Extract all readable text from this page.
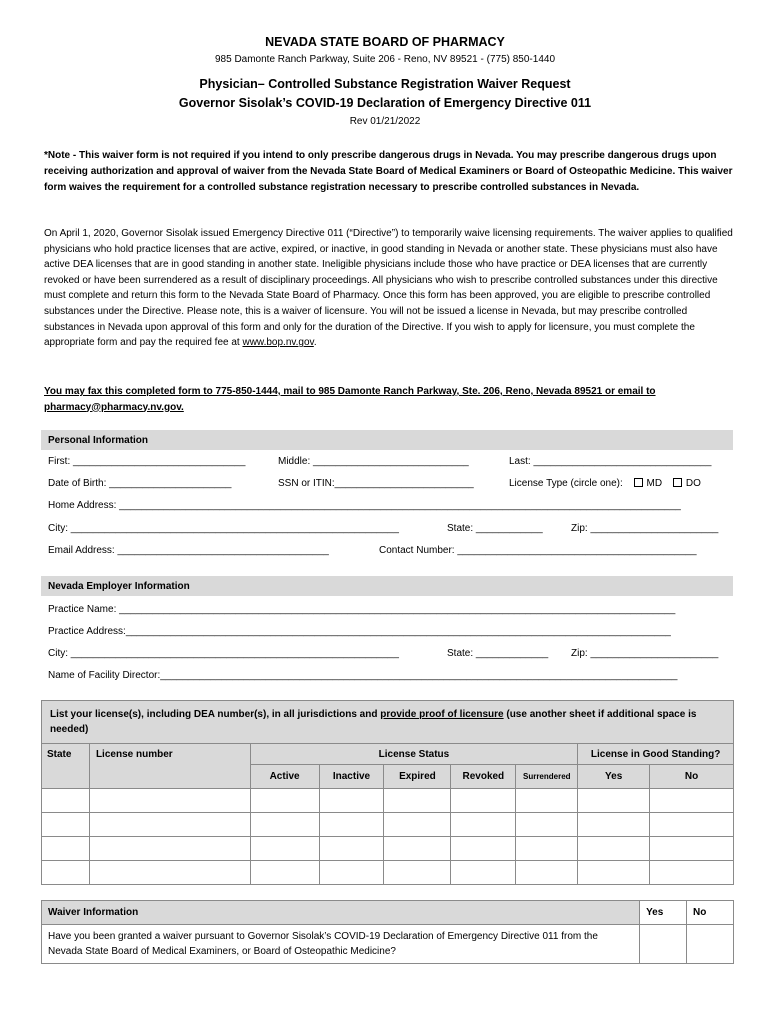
NEVADA STATE BOARD OF PHARMACY
985 Damonte Ranch Parkway, Suite 206 - Reno, NV 89521 - (775) 850-1440
Physician– Controlled Substance Registration Waiver Request
Governor Sisolak’s COVID-19 Declaration of Emergency Directive 011
Rev 01/21/2022
*Note - This waiver form is not required if you intend to only prescribe dangerous drugs in Nevada. You may prescribe dangerous drugs upon receiving authorization and approval of waiver from the Nevada State Board of Medical Examiners or Board of Osteopathic Medicine. This waiver form waives the requirement for a controlled substance registration necessary to prescribe controlled substances in Nevada.
On April 1, 2020, Governor Sisolak issued Emergency Directive 011 (“Directive”) to temporarily waive licensing requirements. The waiver applies to qualified physicians who hold practice licenses that are active, expired, or inactive, in good standing in Nevada or another state. These physicians must also have active DEA licenses that are in good standing in another state. Ineligible physicians include those who have practice or DEA licenses that are currently revoked or have been surrendered as a result of disciplinary proceedings. All physicians who wish to prescribe controlled substances under this directive must complete and return this form to the Nevada State Board of Pharmacy. Once this form has been approved, you are eligible to prescribe controlled substances under the Directive. Please note, this is a waiver of licensure. You will not be issued a license in Nevada, but may prescribe controlled substances in Nevada upon approval of this form and only for the duration of the Directive. If you wish to apply for licensure, you must complete the appropriate form and pay the required fee at www.bop.nv.gov.
You may fax this completed form to 775-850-1444, mail to 985 Damonte Ranch Parkway, Ste. 206, Reno, Nevada 89521 or email to pharmacy@pharmacy.nv.gov.
Personal Information
First: _______________________________	Middle: ____________________________	Last: ________________________________
Date of Birth: ______________________	SSN or ITIN:_________________________	License Type (circle one): MD DO
Home Address: _____________________________________________________________________________________________________
City: ___________________________________________________________	State: ____________	Zip: _______________________
Email Address: ______________________________________	Contact Number: ___________________________________________
Nevada Employer Information
Practice Name: ____________________________________________________________________________________________________
Practice Address:__________________________________________________________________________________________________
City: ___________________________________________________________	State: _____________ Zip: _______________________
Name of Facility Director:_____________________________________________________________________________________________
List your license(s), including DEA number(s), in all jurisdictions and provide proof of licensure (use another sheet if additional space is needed)								
State	License number	License Status					License in Good Standing?	
		Active	Inactive	Expired	Revoked	Surrendered	Yes	No

Waiver Information	Yes	No
Have you been granted a waiver pursuant to Governor Sisolak’s COVID-19 Declaration of Emergency Directive 011 from the Nevada State Board of Medical Examiners, or Board of Osteopathic Medicine?		
